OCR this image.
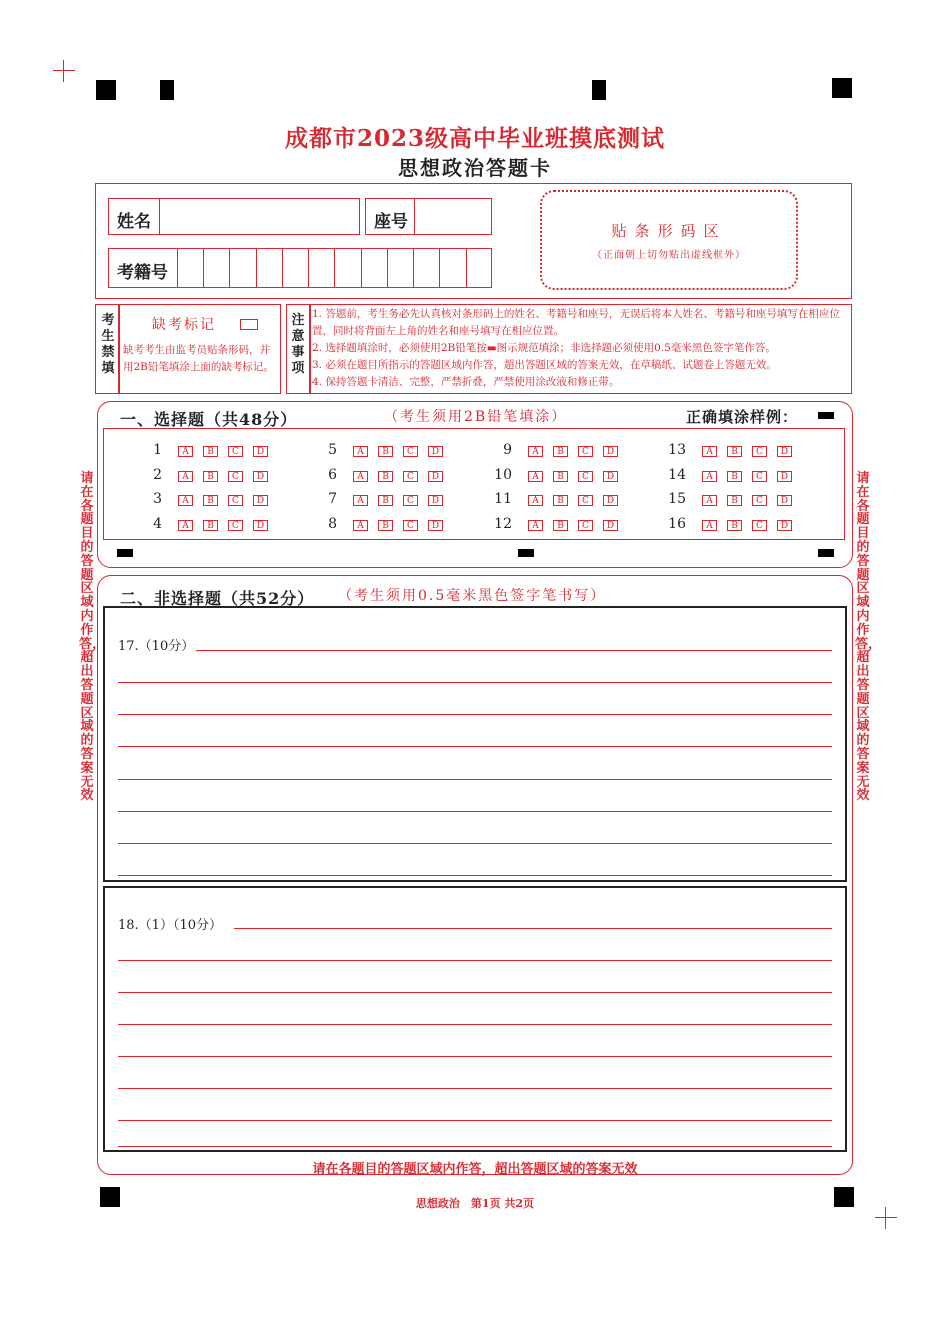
成都市2023级高中毕业班摸底测试
思想政治答题卡
姓名	座号
考籍号
贴条形码区
（正面朝上切勿贴出虚线框外）
考
生
禁
填
缺考标记
缺考考生由监考员贴条形码，并用2B铅笔填涂上面的缺考标记。
注
意
事
项
1. 答题前，考生务必先认真核对条形码上的姓名、考籍号和座号，无误后将本人姓名、考籍号和座号填写在相应位置，同时将背面左上角的姓名和座号填写在相应位置。
2. 选择题填涂时，必须使用2B铅笔按▬图示规范填涂；非选择题必须使用0.5毫米黑色签字笔作答。
3. 必须在题目所指示的答题区域内作答，超出答题区域的答案无效，在草稿纸、试题卷上答题无效。
4. 保持答题卡清洁、完整，严禁折叠，严禁使用涂改液和修正带。
请在各题目的答题区域内作答，超出答题区域的答案无效
请在各题目的答题区域内作答，超出答题区域的答案无效
一、选择题（共48分）	（考生须用2B铅笔填涂）	正确填涂样例：
1	A	B	C	D
2	A	B	C	D
3	A	B	C	D
4	A	B	C	D
5	A	B	C	D
6	A	B	C	D
7	A	B	C	D
8	A	B	C	D
9	A	B	C	D
10	A	B	C	D
11	A	B	C	D
12	A	B	C	D
13	A	B	C	D
14	A	B	C	D
15	A	B	C	D
16	A	B	C	D
二、非选择题（共52分） （考生须用0.5毫米黑色签字笔书写）
17.（10分）
18.（1）（10分）
请在各题目的答题区域内作答，超出答题区域的答案无效
思想政治　第1页 共2页
